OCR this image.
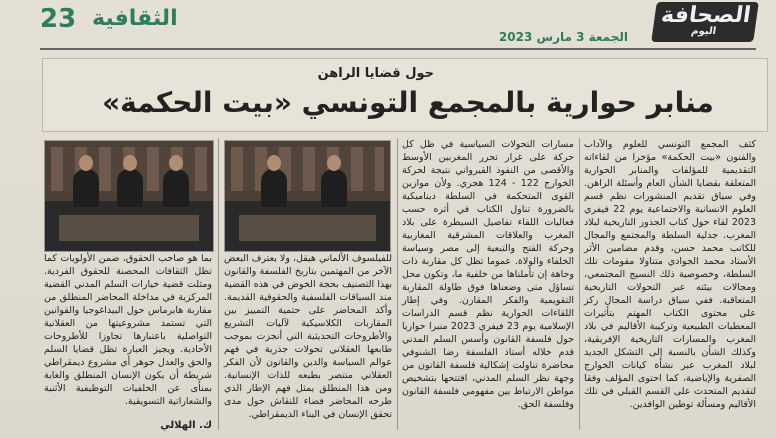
23 الثقافية	الصحافة
اليوم
الجمعة 3 مارس 2023
حول قضايا الراهن
منابر حوارية بالمجمع التونسي «بيت الحكمة»
كثف المجمع التونسي للعلوم والآداب والفنون «بيت الحكمة» مؤخرا من لقاءاته التقديمية للمؤلفات والمنابر الحوارية المتعلقة بقضايا الشأن العام وأسئلة الراهن. وفي سياق تقديم المنشورات نظم قسم العلوم الانسانية والاجتماعية يوم 22 فيفري 2023 لقاء حول كتاب الجذور التاريخية لبلاد المغرب. جدلية السلطة والمجتمع والمجال للكاتب محمد حسن، وقدم مضامين الأثر الأستاذ محمد الجوادي متناولا مقومات تلك السلطة، وخصوصية ذلك النسيج المجتمعي، ومجالات بيئته عبر التحولات التاريخية المتعاقبة. ففي سياق دراسة المجال ركز على محتوى الكتاب المهتم بتأثيرات المعطيات الطبيعية وتركيبة الأقاليم في بلاد المغرب والمسارات التاريخية الإفريقية، وكذلك الشأن بالنسبة إلى التشكل الجديد لبلاد المغرب عبر نشأة كيانات الخوارج الصفرية والإباضية، كما احتوى المؤلف وفقا لتقديم المتحدث على القسم القبلي في تلك الأقاليم ومسألة توطين الوافدين.
مسارات التحولات السياسية في ظل كل حركة على غرار تحرر المغربين الأوسط والأقصى من النفوذ القيرواني نتيجة لحركة الخوارج 122 - 124 هجري. ولأن موازين القوى المتحكمة في السلطة ديناميكية بالضرورة تناول الكتاب في أثره حسب فعاليات اللقاء تفاصيل السيطرة على بلاد المغرب والعلاقات المشرقية المغاربية وحركة الفتح والتبعية إلى مصر وسياسة الخلفاء والولاة. عموما تظل كل مقاربة ذات وجاهة إن تأملناها من خلفية ما، وتكون محل تساؤل متى وضعناها فوق طاولة المقاربة التقويمية والفكر المقارن. وفي إطار اللقاءات الحوارية نظم قسم الدراسات الإسلامية يوم 23 فيفري 2023 منبرا حواريا حول فلسفة القانون وأسس السلم المدني قدم خلاله أستاذ الفلسفة رضا الشنوفي محاضرة تناولت إشكالية فلسفة القانون من وجهة نظر السلم المدني، افتتحها بتشخيص مواطن الارتباط بين مفهومي فلسفة القانون وفلسفة الحق.
للفيلسوف الألماني هيقل، ولا يعترف البعض الآخر من المهتمين بتاريخ الفلسفة والقانون بهذا التصنيف بحجة الخوض في هذه القضية منذ السياقات الفلسفية والحقوقية القديمة. وأكد المحاضر على حتمية التمييز بين المقاربات الكلاسيكية لآليات التشريع والأطروحات التحديثية التي أنجزت بموجب طابعها العقلاني تحولات جذرية في فهم عوالم السياسة والدين والقانون لأن الفكر العقلاني منتصر بطبعه للذات الإنسانية. ومن هذا المنطلق يمثل فهم الإطار الذي طرحه المحاضر فضاء للنقاش حول مدى تحقق الإنسان في البناء الديمقراطي.
بما هو صاحب الحقوق، ضمن الأولويات كما تظل الثقافات المحصنة للحقوق الفردية. ومثلت قضية خيارات السلم المدني القضية المركزية في مداخلة المحاضر المنطلق من مقاربة هابرماس حول البيداغوجيا والقوانين التي تستمد مشروعيتها من العقلانية التواصلية باعتبارها تجاوزا للأطروحات الأحادية. ويجيز العبارة تظل قضايا السلم والحق والعدل جوهر أي مشروع ديمقراطي شريطة أن يكون الإنسان المنطلق والغاية بمنأى عن الخلفيات التوظيفية الأثنية والشعاراتية التسويقية.
ك. الهلالي
